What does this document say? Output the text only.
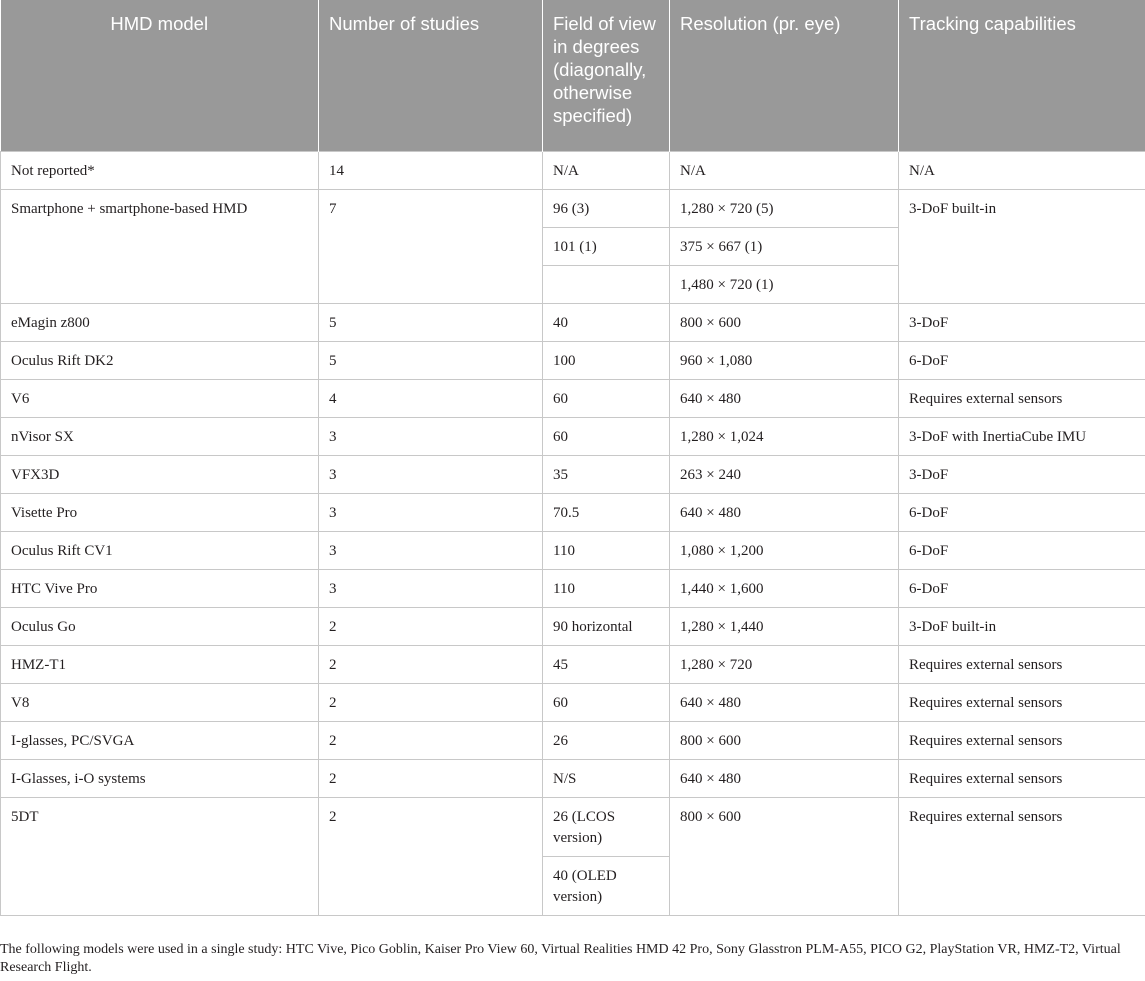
HMD model	Number of studies	Field of view in degrees (diagonally, otherwise specified)	Resolution (pr. eye)	Tracking capabilities
Not reported*	14	N/A	N/A	N/A
Smartphone + smartphone-based HMD	7	96 (3)	1,280 × 720 (5)	3-DoF built-in
		101 (1)	375 × 667 (1)	
			1,480 × 720 (1)	
eMagin z800	5	40	800 × 600	3-DoF
Oculus Rift DK2	5	100	960 × 1,080	6-DoF
V6	4	60	640 × 480	Requires external sensors
nVisor SX	3	60	1,280 × 1,024	3-DoF with InertiaCube IMU
VFX3D	3	35	263 × 240	3-DoF
Visette Pro	3	70.5	640 × 480	6-DoF
Oculus Rift CV1	3	110	1,080 × 1,200	6-DoF
HTC Vive Pro	3	110	1,440 × 1,600	6-DoF
Oculus Go	2	90 horizontal	1,280 × 1,440	3-DoF built-in
HMZ-T1	2	45	1,280 × 720	Requires external sensors
V8	2	60	640 × 480	Requires external sensors
I-glasses, PC/SVGA	2	26	800 × 600	Requires external sensors
I-Glasses, i-O systems	2	N/S	640 × 480	Requires external sensors
5DT	2	26 (LCOS version)	800 × 600	Requires external sensors
		40 (OLED version)		
The following models were used in a single study: HTC Vive, Pico Goblin, Kaiser Pro View 60, Virtual Realities HMD 42 Pro, Sony Glasstron PLM-A55, PICO G2, PlayStation VR, HMZ-T2, Virtual Research Flight.
